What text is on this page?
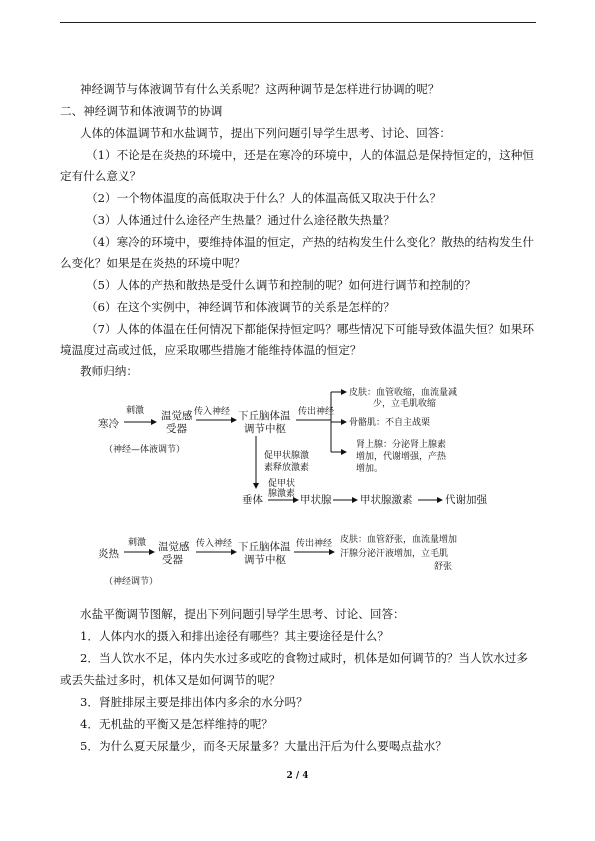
神经调节与体液调节有什么关系呢？这两种调节是怎样进行协调的呢？
二、神经调节和体液调节的协调
人体的体温调节和水盐调节，提出下列问题引导学生思考、讨论、回答：
（1）不论是在炎热的环境中，还是在寒冷的环境中，人的体温总是保持恒定的，这种恒
定有什么意义？
（2）一个物体温度的高低取决于什么？人的体温高低又取决于什么？
（3）人体通过什么途径产生热量？通过什么途径散失热量？
（4）寒冷的环境中，要维持体温的恒定，产热的结构发生什么变化？散热的结构发生什
么变化？如果是在炎热的环境中呢？
（5）人体的产热和散热是受什么调节和控制的呢？如何进行调节和控制的？
（6）在这个实例中，神经调节和体液调节的关系是怎样的？
（7）人体的体温在任何情况下都能保持恒定吗？哪些情况下可能导致体温失恒？如果环
境温度过高或过低，应采取哪些措施才能维持体温的恒定？
教师归纳：
寒冷
刺激 温觉感
受器
传入神经 下丘脑体温
调节中枢
传出神经
皮肤：血管收缩，血流量减
少，立毛肌收缩
骨骼肌：不自主战栗
肾上腺：分泌肾上腺素
增加，代谢增强，产热
增加。
（神经—体液调节）
促甲状腺激
素释放激素
垂体
促甲状
腺激素 甲状腺	甲状腺激素	代谢加强
炎热
刺激 温觉感
受器
传入神经 下丘脑体温
调节中枢
传出神经 皮肤：血管舒张，血流量增加
汗腺分泌汗液增加，立毛肌
舒张
（神经调节）
水盐平衡调节图解，提出下列问题引导学生思考、讨论、回答：
1．人体内水的摄入和排出途径有哪些？其主要途径是什么？
2．当人饮水不足，体内失水过多或吃的食物过咸时，机体是如何调节的？当人饮水过多
或丢失盐过多时，机体又是如何调节的呢？
3．肾脏排尿主要是排出体内多余的水分吗？
4．无机盐的平衡又是怎样维持的呢？
5．为什么夏天尿量少，而冬天尿量多？大量出汗后为什么要喝点盐水？
2 / 4
